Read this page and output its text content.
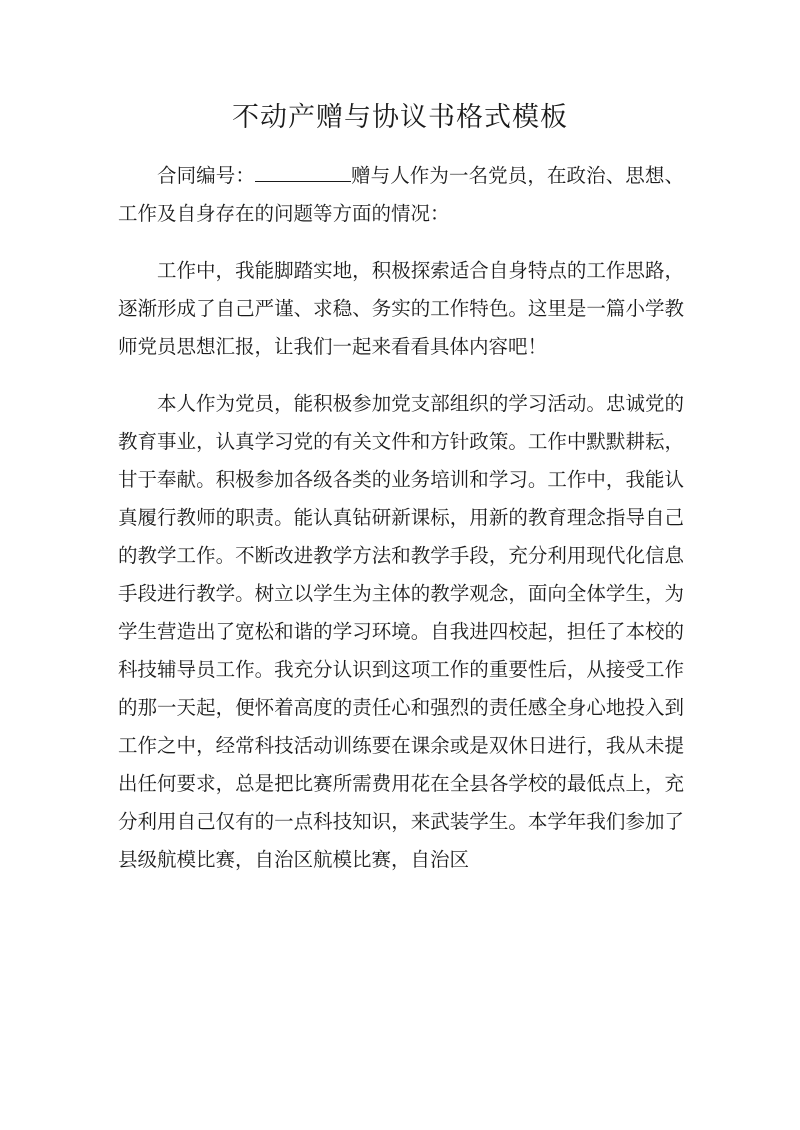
不动产赠与协议书格式模板

合同编号：	赠与人作为一名党员，在政治、思想、工作及自身存在的问题等方面的情况：

工作中，我能脚踏实地，积极探索适合自身特点的工作思路，逐渐形成了自己严谨、求稳、务实的工作特色。这里是一篇小学教师党员思想汇报，让我们一起来看看具体内容吧！

本人作为党员，能积极参加党支部组织的学习活动。忠诚党的教育事业，认真学习党的有关文件和方针政策。工作中默默耕耘，甘于奉献。积极参加各级各类的业务培训和学习。工作中，我能认真履行教师的职责。能认真钻研新课标，用新的教育理念指导自己的教学工作。不断改进教学方法和教学手段，充分利用现代化信息手段进行教学。树立以学生为主体的教学观念，面向全体学生，为学生营造出了宽松和谐的学习环境。自我进四校起，担任了本校的科技辅导员工作。我充分认识到这项工作的重要性后，从接受工作的那一天起，便怀着高度的责任心和强烈的责任感全身心地投入到工作之中，经常科技活动训练要在课余或是双休日进行，我从未提出任何要求，总是把比赛所需费用花在全县各学校的最低点上，充分利用自己仅有的一点科技知识，来武装学生。本学年我们参加了县级航模比赛，自治区航模比赛，自治区
